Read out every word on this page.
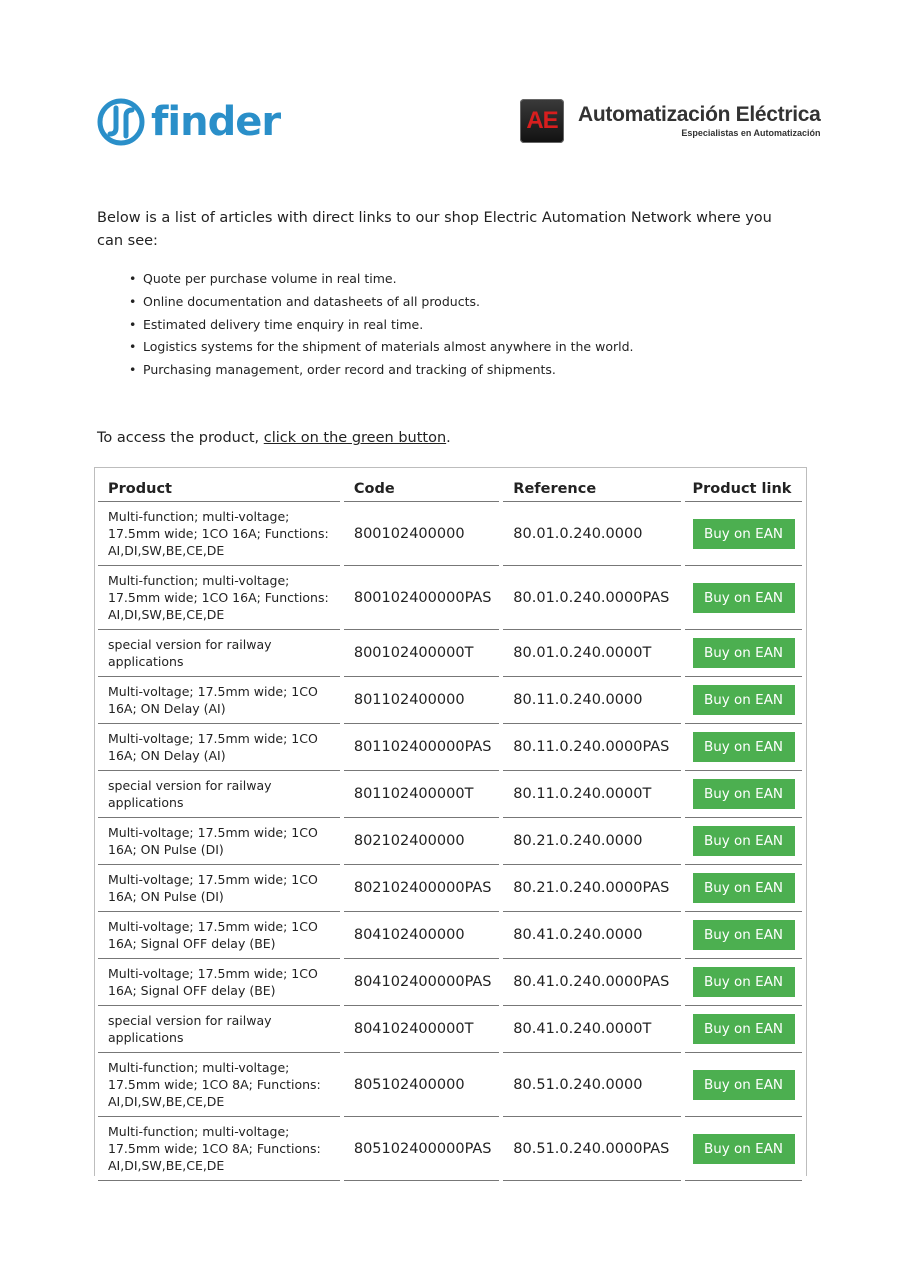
finder	AE Automatización Eléctrica
Especialistas en Automatización
Below is a list of articles with direct links to our shop Electric Automation Network where you can see:
• Quote per purchase volume in real time.
• Online documentation and datasheets of all products.
• Estimated delivery time enquiry in real time.
• Logistics systems for the shipment of materials almost anywhere in the world.
• Purchasing management, order record and tracking of shipments.
To access the product, click on the green button.
Product	Code	Reference	Product link
Multi-function; multi-voltage; 17.5mm wide; 1CO 16A; Functions: AI,DI,SW,BE,CE,DE	800102400000	80.01.0.240.0000	Buy on EAN
Multi-function; multi-voltage; 17.5mm wide; 1CO 16A; Functions: AI,DI,SW,BE,CE,DE	800102400000PAS	80.01.0.240.0000PAS	Buy on EAN
special version for railway applications	800102400000T	80.01.0.240.0000T	Buy on EAN
Multi-voltage; 17.5mm wide; 1CO 16A; ON Delay (AI)	801102400000	80.11.0.240.0000	Buy on EAN
Multi-voltage; 17.5mm wide; 1CO 16A; ON Delay (AI)	801102400000PAS	80.11.0.240.0000PAS	Buy on EAN
special version for railway applications	801102400000T	80.11.0.240.0000T	Buy on EAN
Multi-voltage; 17.5mm wide; 1CO 16A; ON Pulse (DI)	802102400000	80.21.0.240.0000	Buy on EAN
Multi-voltage; 17.5mm wide; 1CO 16A; ON Pulse (DI)	802102400000PAS	80.21.0.240.0000PAS	Buy on EAN
Multi-voltage; 17.5mm wide; 1CO 16A; Signal OFF delay (BE)	804102400000	80.41.0.240.0000	Buy on EAN
Multi-voltage; 17.5mm wide; 1CO 16A; Signal OFF delay (BE)	804102400000PAS	80.41.0.240.0000PAS	Buy on EAN
special version for railway applications	804102400000T	80.41.0.240.0000T	Buy on EAN
Multi-function; multi-voltage; 17.5mm wide; 1CO 8A; Functions: AI,DI,SW,BE,CE,DE	805102400000	80.51.0.240.0000	Buy on EAN
Multi-function; multi-voltage; 17.5mm wide; 1CO 8A; Functions: AI,DI,SW,BE,CE,DE	805102400000PAS	80.51.0.240.0000PAS	Buy on EAN
